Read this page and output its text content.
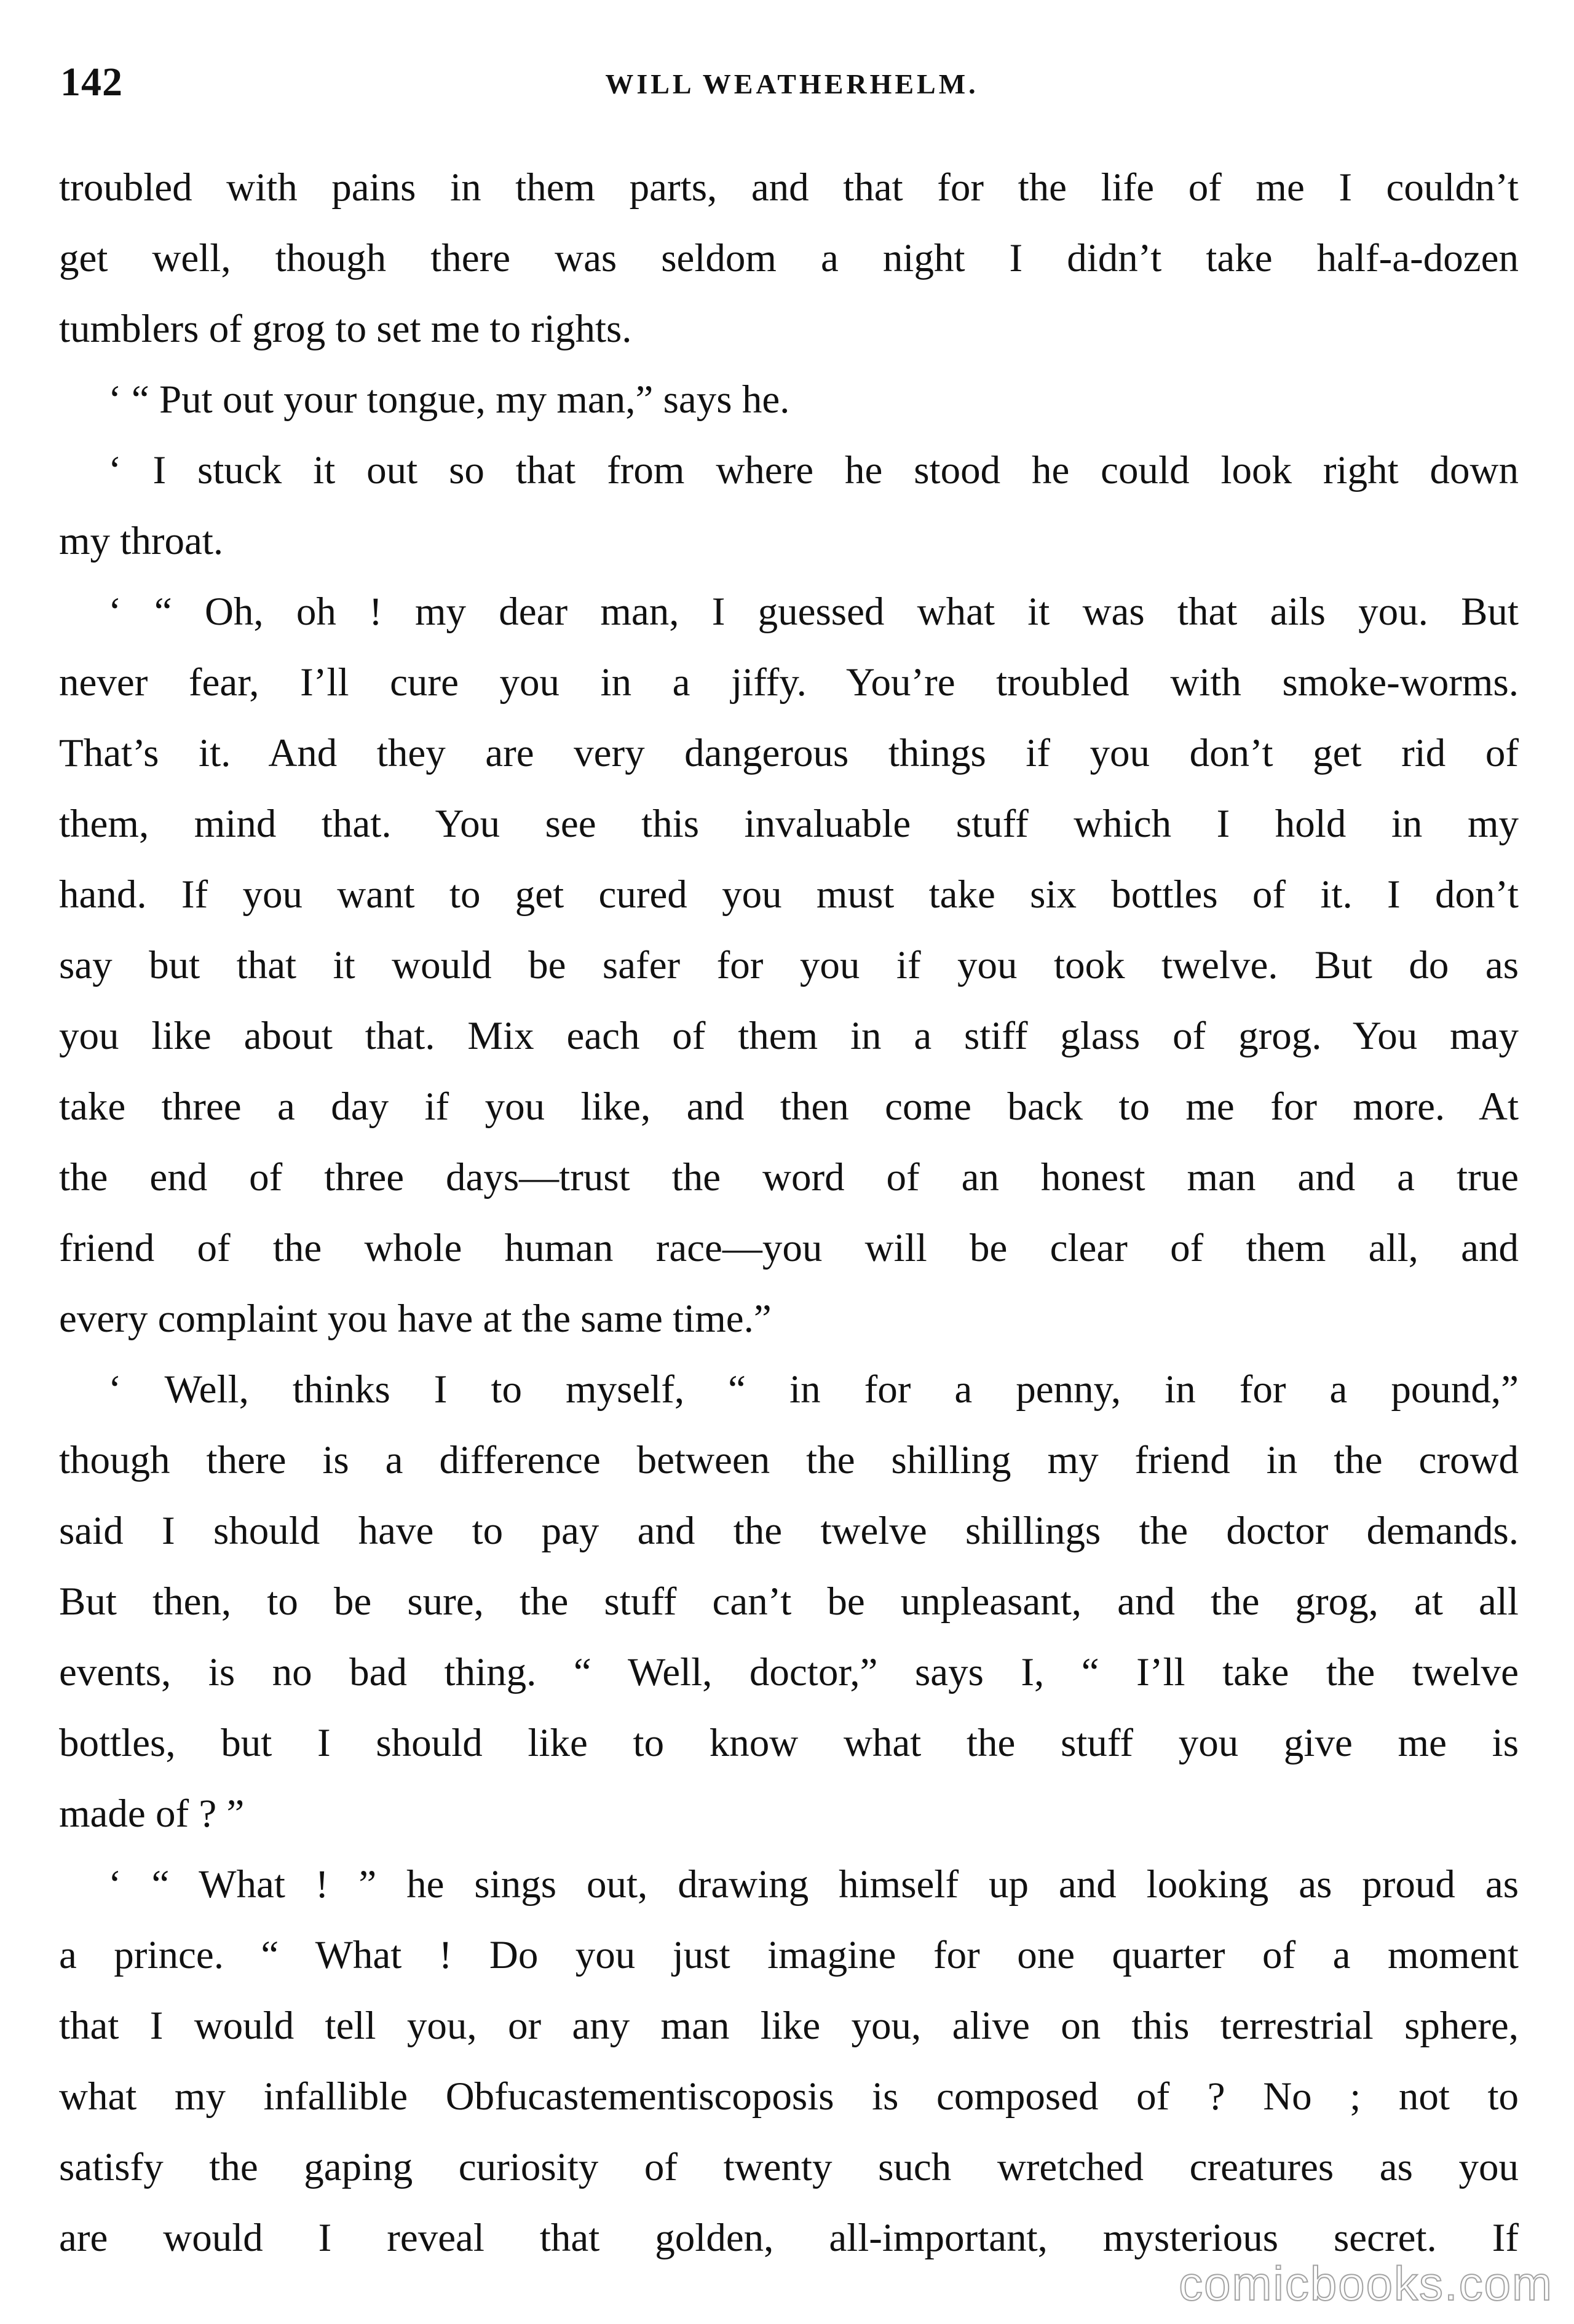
142	WILL WEATHERHELM.

troubled with pains in them parts, and that for the life of me I couldn’t

get well, though there was seldom a night I didn’t take half-a-dozen

tumblers of grog to set me to rights.

‘ “ Put out your tongue, my man,” says he.

‘ I stuck it out so that from where he stood he could look right down

my throat.

‘ “ Oh, oh ! my dear man, I guessed what it was that ails you. But

never fear, I’ll cure you in a jiffy. You’re troubled with smoke-worms.

That’s it. And they are very dangerous things if you don’t get rid of

them, mind that. You see this invaluable stuff which I hold in my

hand. If you want to get cured you must take six bottles of it. I don’t

say but that it would be safer for you if you took twelve. But do as

you like about that. Mix each of them in a stiff glass of grog. You may

take three a day if you like, and then come back to me for more. At

the end of three days—trust the word of an honest man and a true

friend of the whole human race—you will be clear of them all, and

every complaint you have at the same time.”

‘ Well, thinks I to myself, “ in for a penny, in for a pound,”

though there is a difference between the shilling my friend in the crowd

said I should have to pay and the twelve shillings the doctor demands.

But then, to be sure, the stuff can’t be unpleasant, and the grog, at all

events, is no bad thing. “ Well, doctor,” says I, “ I’ll take the twelve

bottles, but I should like to know what the stuff you give me is

made of ? ”

‘ “ What ! ” he sings out, drawing himself up and looking as proud as

a prince. “ What ! Do you just imagine for one quarter of a moment

that I would tell you, or any man like you, alive on this terrestrial sphere,

what my infallible Obfucastementiscoposis is composed of ? No ; not to

satisfy the gaping curiosity of twenty such wretched creatures as you

are would I reveal that golden, all-important, mysterious secret. If

comicbooks.com
